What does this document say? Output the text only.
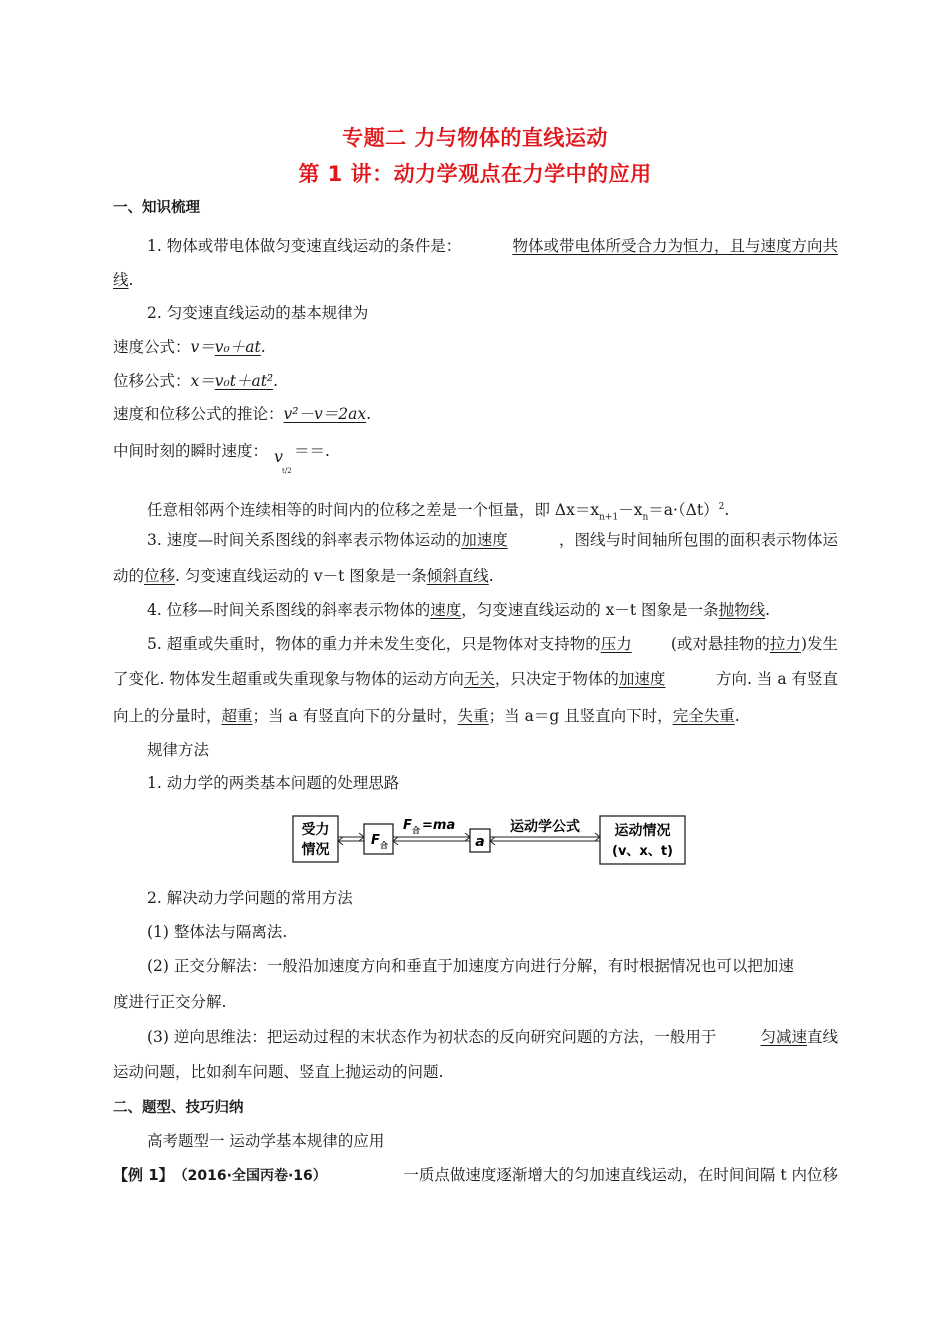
专题二 力与物体的直线运动
第 1 讲：动力学观点在力学中的应用
一、知识梳理
1. 物体或带电体做匀变速直线运动的条件是：	物体或带电体所受合力为恒力，且与速度方向共
线.
2. 匀变速直线运动的基本规律为
速度公式：v＝v₀＋at.
位移公式：x＝v₀t＋at².
速度和位移公式的推论：v²－v＝2ax.
中间时刻的瞬时速度： v
t/2
＝＝.
任意相邻两个连续相等的时间内的位移之差是一个恒量，即 $\Delta x=x_{n+1}-x_n=a\cdot(\Delta t)^2$.
3. 速度—时间关系图线的斜率表示物体运动的加速度	，图线与时间轴所包围的面积表示物体运
动的位移. 匀变速直线运动的 v－t 图象是一条倾斜直线.
4. 位移—时间关系图线的斜率表示物体的速度，匀变速直线运动的 x－t 图象是一条抛物线.
5. 超重或失重时，物体的重力并未发生变化，只是物体对支持物的压力	(或对悬挂物的拉力)发生
了变化. 物体发生超重或失重现象与物体的运动方向无关，只决定于物体的加速度	方向. 当 a 有竖直
向上的分量时，超重；当 a 有竖直向下的分量时，失重；当 a＝g 且竖直向下时，完全失重.
规律方法
1. 动力学的两类基本问题的处理思路
受力
情况
F 合
F 合 =ma
a
运动学公式 运动情况
(v、x、t)
2. 解决动力学问题的常用方法
(1) 整体法与隔离法.
(2) 正交分解法：一般沿加速度方向和垂直于加速度方向进行分解，有时根据情况也可以把加速
度进行正交分解.
(3) 逆向思维法：把运动过程的末状态作为初状态的反向研究问题的方法，一般用于	匀减速直线
运动问题，比如刹车问题、竖直上抛运动的问题.
二、题型、技巧归纳
高考题型一 运动学基本规律的应用
【例 1】（2016·全国丙卷·16）	一质点做速度逐渐增大的匀加速直线运动，在时间间隔 t 内位移
